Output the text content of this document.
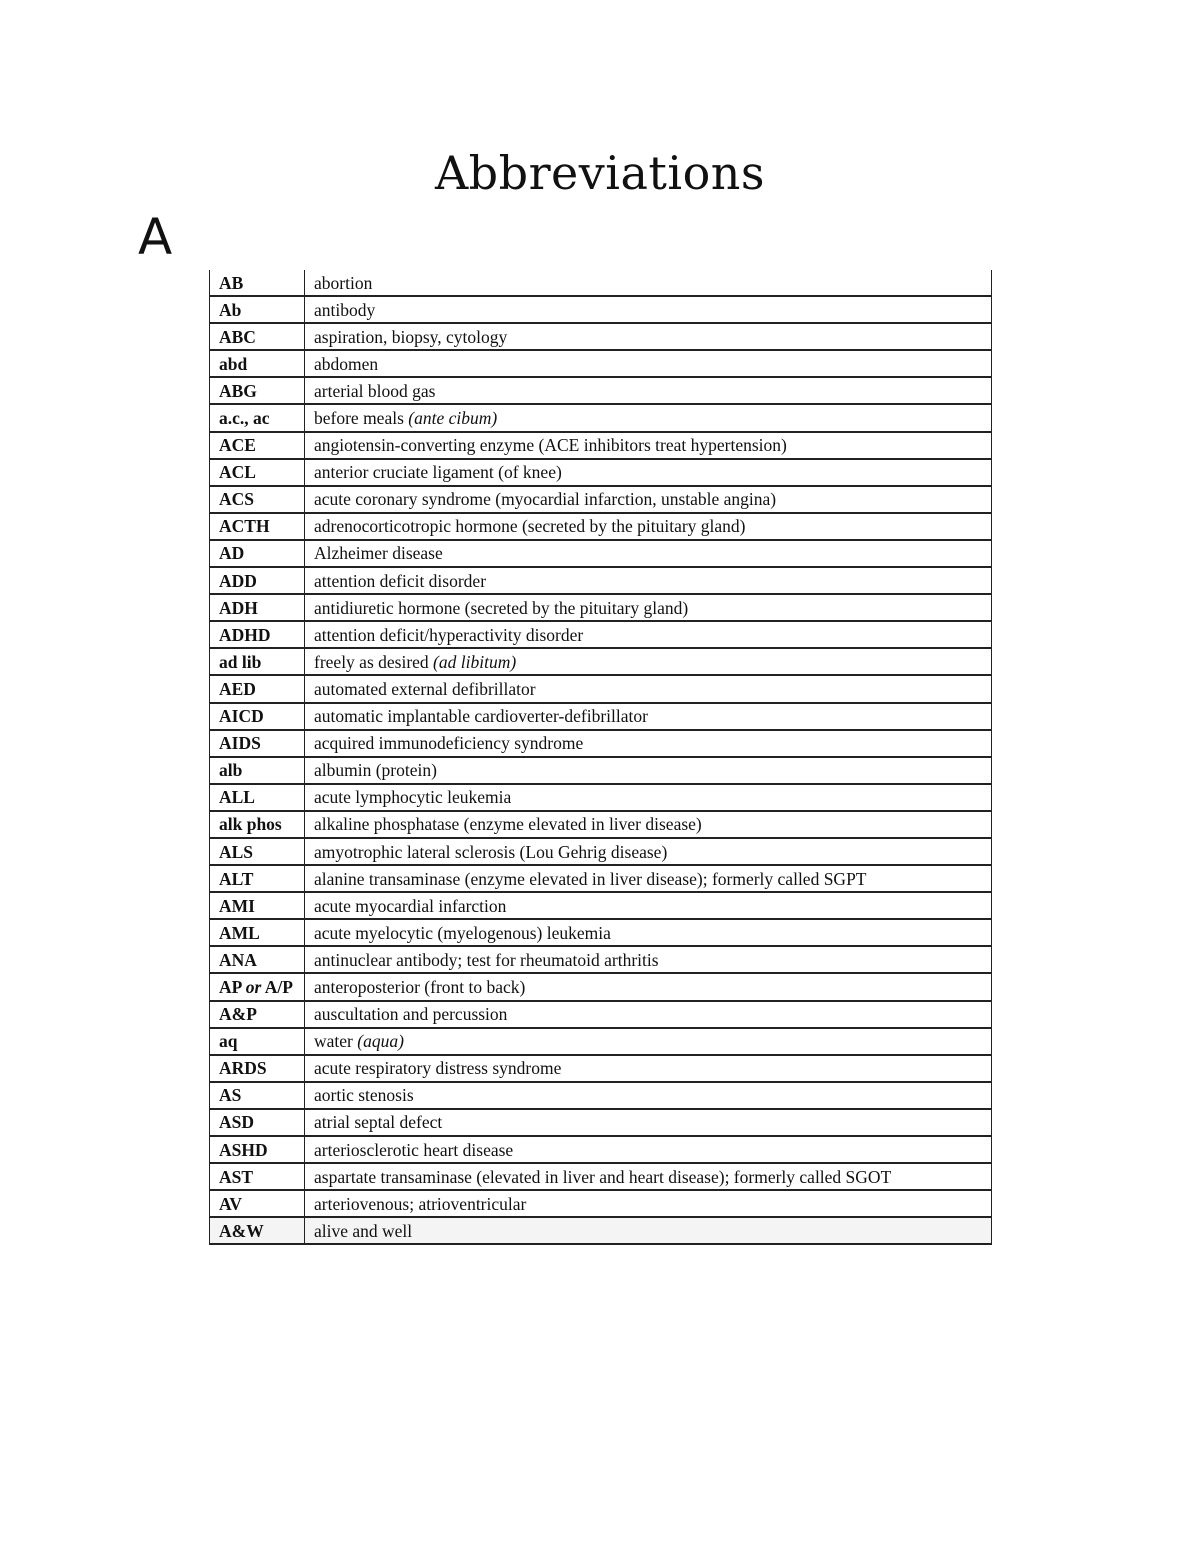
Abbreviations
A
AB	abortion
Ab	antibody
ABC	aspiration, biopsy, cytology
abd	abdomen
ABG	arterial blood gas
a.c., ac	before meals (ante cibum)
ACE	angiotensin-converting enzyme (ACE inhibitors treat hypertension)
ACL	anterior cruciate ligament (of knee)
ACS	acute coronary syndrome (myocardial infarction, unstable angina)
ACTH	adrenocorticotropic hormone (secreted by the pituitary gland)
AD	Alzheimer disease
ADD	attention deficit disorder
ADH	antidiuretic hormone (secreted by the pituitary gland)
ADHD	attention deficit/hyperactivity disorder
ad lib	freely as desired (ad libitum)
AED	automated external defibrillator
AICD	automatic implantable cardioverter-defibrillator
AIDS	acquired immunodeficiency syndrome
alb	albumin (protein)
ALL	acute lymphocytic leukemia
alk phos	alkaline phosphatase (enzyme elevated in liver disease)
ALS	amyotrophic lateral sclerosis (Lou Gehrig disease)
ALT	alanine transaminase (enzyme elevated in liver disease); formerly called SGPT
AMI	acute myocardial infarction
AML	acute myelocytic (myelogenous) leukemia
ANA	antinuclear antibody; test for rheumatoid arthritis
AP or A/P	anteroposterior (front to back)
A&P	auscultation and percussion
aq	water (aqua)
ARDS	acute respiratory distress syndrome
AS	aortic stenosis
ASD	atrial septal defect
ASHD	arteriosclerotic heart disease
AST	aspartate transaminase (elevated in liver and heart disease); formerly called SGOT
AV	arteriovenous; atrioventricular
A&W	alive and well
